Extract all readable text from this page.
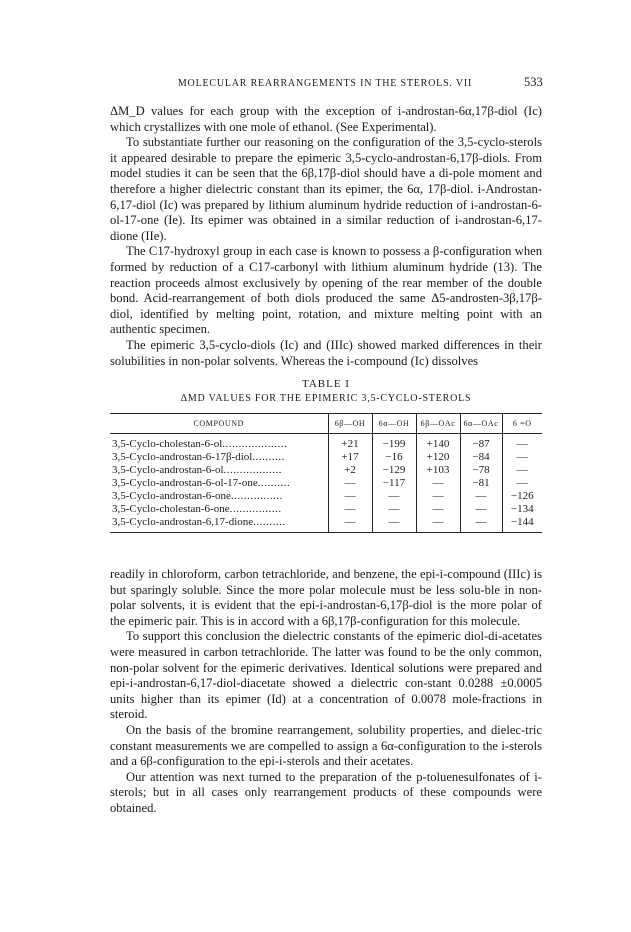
MOLECULAR REARRANGEMENTS IN THE STEROLS. VII	533

ΔM_D values for each group with the exception of i-androstan-6α,17β-diol (Ic) which crystallizes with one mole of ethanol. (See Experimental).

To substantiate further our reasoning on the configuration of the 3,5-cyclo-sterols it appeared desirable to prepare the epimeric 3,5-cyclo-androstan-6,17β-diols. From model studies it can be seen that the 6β,17β-diol should have a di-pole moment and therefore a higher dielectric constant than its epimer, the 6α, 17β-diol. i-Androstan-6,17-diol (Ic) was prepared by lithium aluminum hydride reduction of i-androstan-6-ol-17-one (Ie). Its epimer was obtained in a similar reduction of i-androstan-6,17-dione (IIe).

The C17-hydroxyl group in each case is known to possess a β-configuration when formed by reduction of a C17-carbonyl with lithium aluminum hydride (13). The reaction proceeds almost exclusively by opening of the rear member of the double bond. Acid-rearrangement of both diols produced the same Δ5-androsten-3β,17β-diol, identified by melting point, rotation, and mixture melting point with an authentic specimen.

The epimeric 3,5-cyclo-diols (Ic) and (IIIc) showed marked differences in their solubilities in non-polar solvents. Whereas the i-compound (Ic) dissolves

TABLE I
ΔMD VALUES FOR THE EPIMERIC 3,5-CYCLO-STEROLS
COMPOUND	6β—OH	6α—OH	6β—OAc	6α—OAc	6 =O
3,5-Cyclo-cholestan-6-ol....................	+21	−199	+140	−87	—
3,5-Cyclo-androstan-6-17β-diol..........	+17	−16	+120	−84	—
3,5-Cyclo-androstan-6-ol..................	+2	−129	+103	−78	—
3,5-Cyclo-androstan-6-ol-17-one..........	—	−117	—	−81	—
3,5-Cyclo-androstan-6-one................	—	—	—	—	−126
3,5-Cyclo-cholestan-6-one................	—	—	—	—	−134
3,5-Cyclo-androstan-6,17-dione..........	—	—	—	—	−144

readily in chloroform, carbon tetrachloride, and benzene, the epi-i-compound (IIIc) is but sparingly soluble. Since the more polar molecule must be less solu-ble in non-polar solvents, it is evident that the epi-i-androstan-6,17β-diol is the more polar of the epimeric pair. This is in accord with a 6β,17β-configuration for this molecule.

To support this conclusion the dielectric constants of the epimeric diol-di-acetates were measured in carbon tetrachloride. The latter was found to be the only common, non-polar solvent for the epimeric derivatives. Identical solutions were prepared and epi-i-androstan-6,17-diol-diacetate showed a dielectric con-stant 0.0288 ±0.0005 units higher than its epimer (Id) at a concentration of 0.0078 mole-fractions in steroid.

On the basis of the bromine rearrangement, solubility properties, and dielec-tric constant measurements we are compelled to assign a 6α-configuration to the i-sterols and a 6β-configuration to the epi-i-sterols and their acetates.

Our attention was next turned to the preparation of the p-toluenesulfonates of i-sterols; but in all cases only rearrangement products of these compounds were obtained.
